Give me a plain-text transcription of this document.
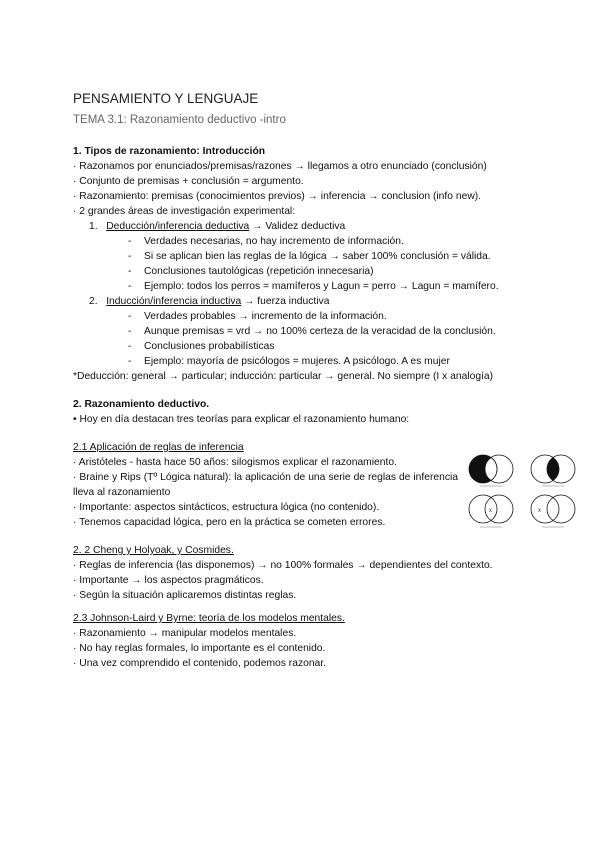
PENSAMIENTO Y LENGUAJE
TEMA 3.1: Razonamiento deductivo -intro

1. Tipos de razonamiento: Introducción

· Razonamos por enunciados/premisas/razones → llegamos a otro enunciado (conclusión)

· Conjunto de premisas + conclusión = argumento.

· Razonamiento: premisas (conocimientos previos) → inferencia → conclusion (info new).

· 2 grandes áreas de investigación experimental:

1. Deducción/inferencia deductiva → Validez deductiva

- Verdades necesarias, no hay incremento de información.

- Si se aplican bien las reglas de la lógica → saber 100% conclusión = válida.

- Conclusiones tautológicas (repetición innecesaria)

- Ejemplo: todos los perros = mamíferos y Lagun = perro → Lagun = mamífero.

2. Inducción/inferencia inductiva → fuerza inductiva

- Verdades probables → incremento de la información.

- Aunque premisas = vrd → no 100% certeza de la veracidad de la conclusión.

- Conclusiones probabilísticas

- Ejemplo: mayoría de psicólogos = mujeres. A psicólogo. A es mujer

*Deducción: general → particular; inducción: particular → general. No siempre (I x analogía)

2. Razonamiento deductivo.

• Hoy en día destacan tres teorías para explicar el razonamiento humano:

2.1 Aplicación de reglas de inferencia

· Aristóteles - hasta hace 50 años: silogismos explicar el razonamiento.

· Braine y Rips (Tº Lógica natural): la aplicación de una serie de reglas de inferencia lleva al razonamiento

· Importante: aspectos sintácticos, estructura lógica (no contenido).

· Tenemos capacidad lógica, pero en la práctica se cometen errores.

2. 2 Cheng y Holyoak, y Cosmides.

· Reglas de inferencia (las disponemos) → no 100% formales → dependientes del contexto.

· Importante → los aspectos pragmáticos.

· Según la situación aplicaremos distintas reglas.

2.3 Johnson-Laird y Byrne: teoría de los modelos mentales.

· Razonamiento → manipular modelos mentales.

· No hay reglas formales, lo importante es el contenido.

· Una vez comprendido el contenido, podemos razonar.

x	x
